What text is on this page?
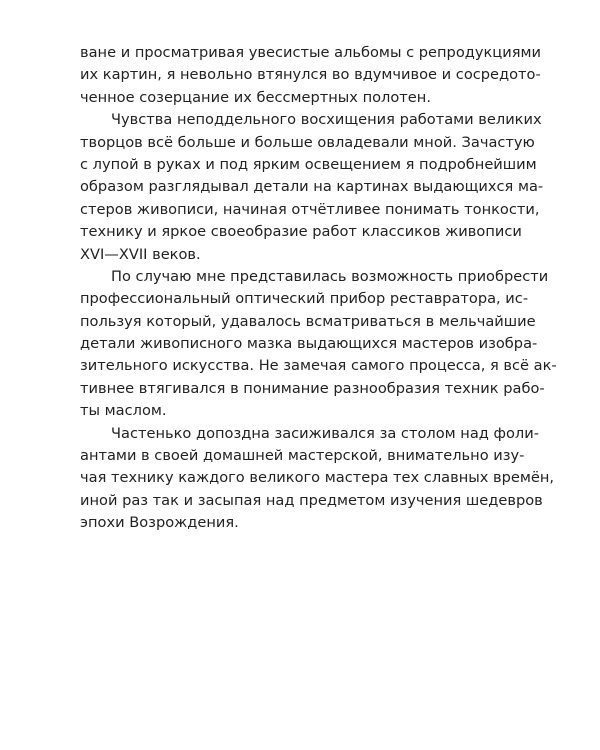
ване и просматривая увесистые альбомы с репродукциями
их картин, я невольно втянулся во вдумчивое и сосредото-
ченное созерцание их бессмертных полотен.

Чувства неподдельного восхищения работами великих
творцов всё больше и больше овладевали мной. Зачастую
с лупой в руках и под ярким освещением я подробнейшим
образом разглядывал детали на картинах выдающихся ма-
стеров живописи, начиная отчётливее понимать тонкости,
технику и яркое своеобразие работ классиков живописи
XVI—XVII веков.

По случаю мне представилась возможность приобрести
профессиональный оптический прибор реставратора, ис-
пользуя который, удавалось всматриваться в мельчайшие
детали живописного мазка выдающихся мастеров изобра-
зительного искусства. Не замечая самого процесса, я всё ак-
тивнее втягивался в понимание разнообразия техник рабо-
ты маслом.

Частенько допоздна засиживался за столом над фоли-
антами в своей домашней мастерской, внимательно изу-
чая технику каждого великого мастера тех славных времён,
иной раз так и засыпая над предметом изучения шедевров
эпохи Возрождения.
